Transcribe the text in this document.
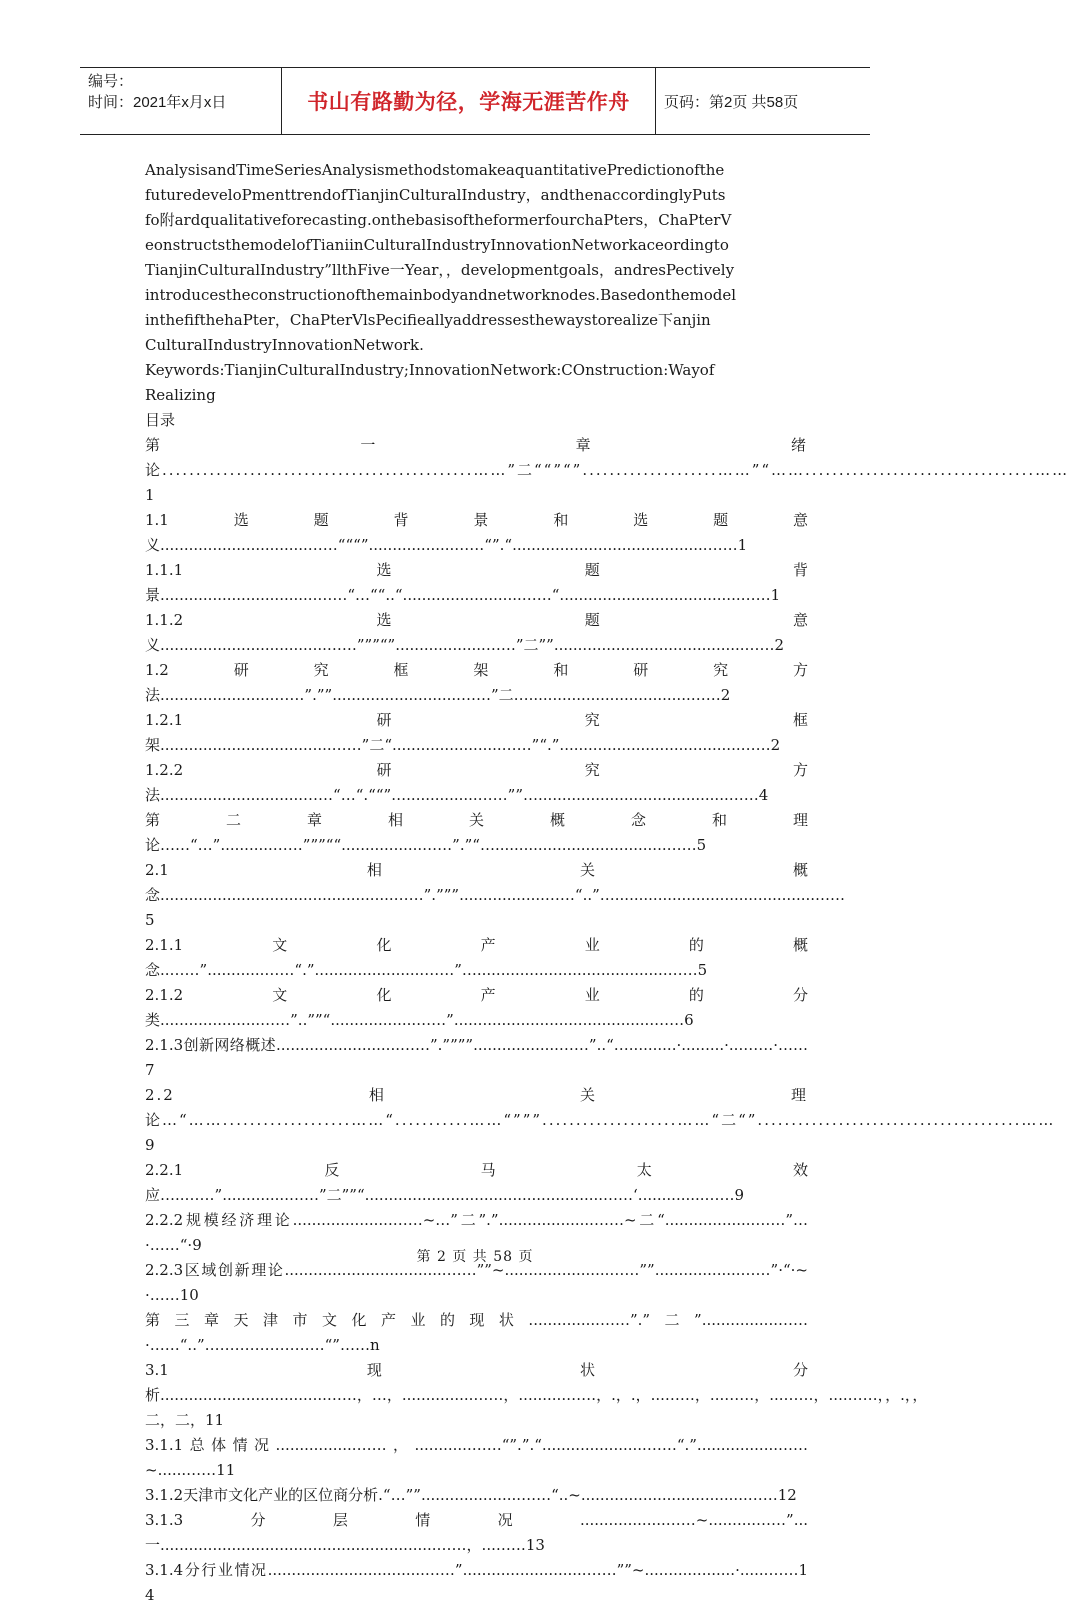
编号：
时间：2021年x月x日	书山有路勤为径，学海无涯苦作舟	页码：第2页 共58页

AnalysisandTimeSeriesAnalysismethodstomakeaquantitativePredictionofthe

futuredeveloPmenttrendofTianjinCulturalIndustry，andthenaccordinglyPuts

fo附ardqualitativeforecasting.onthebasisoftheformerfourchaPters，ChaPterV

eonstructsthemodelofTianiinCulturalIndustryInnovationNetworkaceordingto

TianjinCulturalIndustry”llthFive一Year，，developmentgoals，andresPectively

introducestheconstructionofthemainbodyandnetworknodes.Basedonthemodel

inthefifthehaPter，ChaPterVlsPecifieallyaddressesthewaystorealize下anjin

CulturalIndustryInnovationNetwork.

Keywords:TianjinCulturalIndustry;InnovationNetwork:COnstruction:Wayof

Realizing

目录

第一章绪论..............................................……”二““”“”....................……”“……..................................……1

1.1选题背景和选题意义...............................……“““”..................……“”.“.........................................……1

1.1.1选题背景.................................……“…““..“.........................……“......................................……1

1.1.2选题意义...................................……”””“”...................……”二””........................................……2

1.2研究框架和研究方法........................……”.””...........................……”二…..................................……2

1.2.1研究框架....................................……”二“.......................……”“.”......................................……2

1.2.2研究方法..............................……“…“.““”…...............……””…........................................……4

第二章相关概念和理论……“…”...........……”””““.................……”.”“…....................................……5

2.1相关概念.................................................……”.”””..................……“..”…..........................................……5

2.1.1文化产业的概念..……”............……“.”.......................……”…........................................……5

2.1.2文化产业的分类.....................……”..””“..................……”..........................................……6

2.1.3创新网络概述..........................……”.””””..................……”..“…..........·.........·...……·……7

2.2相关理论…“……...................……“...........……“”””....................……“二“”.......................................……9

2.2.1反马太效应…..……”..............……”二””“..................................................……‘..............……9

2.2.2规模经济理论.....................……~…”二”.”....................……~二“...................……”…·……“·9

2.2.3区域创新理论..................................……””~......................……””..................……”·“·~·……10

第三章天津市文化产业的现状...............……”.”二”................……·……“..”……………………“”……n

3.1现状分析...................................……，…，...............……，..........……，.，.，...……，...……，...……，....……，，.，，二，二，11

3.1.1总体情况.................……，............……“”.”.“......................……“.”.................……~......……11

3.1.2天津市文化产业的区位商分析.“…””.....................……“..~...................................……12

3.1.3分层情况..................……~..........……”...一..........................................................……，...……13

3.1.4分行业情况.................................……”..........................……””~...................·......……14

第 2 页 共 58 页
